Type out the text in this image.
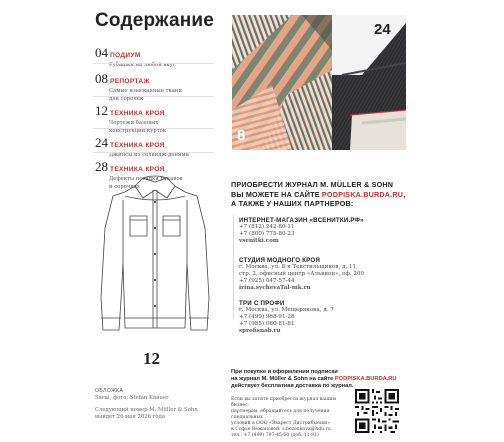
Содержание
04 ПОДИУМ
Рубашки на любой вкус
08 РЕПОРТАЖ
Самые изысканные ткани
для сорочек
12 ТЕХНИКА КРОЯ
Чертежи базовых
конструкций курток
24 ТЕХНИКА КРОЯ
Джинсы из селвидж-денима
28 ТЕХНИКА КРОЯ
Дефекты посадки рукавов
и сорочках
8
24
12
ПРИОБРЕСТИ ЖУРНАЛ M. MÜLLER & SOHN
ВЫ МОЖЕТЕ НА САЙТЕ PODPISKA.BURDA.RU,
А ТАКЖЕ У НАШИХ ПАРТНЕРОВ:
ИНТЕРНЕТ-МАГАЗИН «ВСЕНИТКИ.РФ»
+7 (812) 242-80-11
+7 (800) 775-80-23
vsenitki.com
СТУДИЯ МОДНОГО КРОЯ
г. Москва, ул. 8-я Текстильщиков, д. 11,
стр. 2, офисный центр «Альвион», оф. 209
+7 (925) 047-57-44
irina.sychevaTal-mk.ru
ТРИ С ПРОФИ
г. Москва, ул. Мещерякова, д. 7
+7 (499) 968-91-28
+7 (985) 060-81-81
sprofisnab.ru
ОБЛОЖКА
Sacai, фото: Stefan Knauer
Следующий номер M. Müller & Sohn
выйдет 26 мая 2026 года
При покупке и оформлении подписки
на журнал M. Müller & Sohn на сайте PODPISKA.BURDA.RU
действует бесплатная доставка по журнал.
Если вы хотите приобрести журнал вашим бизнес-
партнерам, обращайтесь для получения специальных
условий в ООО «Эварест Дистрибьюшн»
к Софье Вежановой: s.bezenkova@hdu.ru,
тел.: +7 (499) 797-45-60 (доб. 11-91)
